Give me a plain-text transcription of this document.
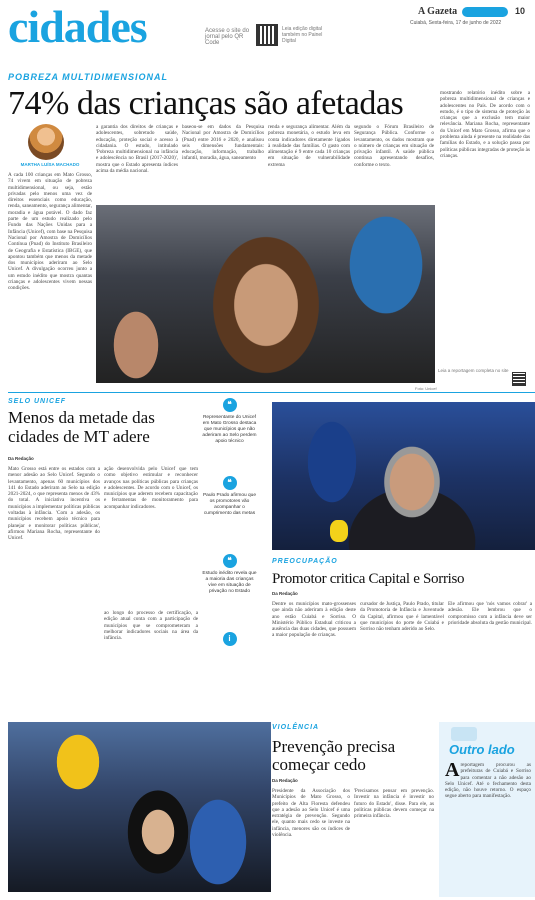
cidades	Acesse o site do jornal pelo QR Code
Leia edição digital também no Painel Digital
A Gazeta	10
Cuiabá, Sexta-feira, 17 de junho de 2022
POBREZA MULTIDIMENSIONAL
74% das crianças são afetadas
MARTHA LUÍSA MACHADO
A cada 100 crianças em Mato Grosso, 74 vivem em situação de pobreza multidimensional, ou seja, estão privadas pelo menos uma vez de direitos essenciais como educação, renda, saneamento, segurança alimentar, moradia e água potável. O dado faz parte de um estudo realizado pelo Fundo das Nações Unidas para a Infância (Unicef), com base na Pesquisa Nacional por Amostra de Domicílios Contínua (Pnad) do Instituto Brasileiro de Geografia e Estatística (IBGE), que apontou também que menos da metade dos municípios aderiram ao Selo Unicef. A divulgação ocorreu junto a um estudo inédito que mostra quantas crianças e adolescentes vivem nessas condições.
a garantia dos direitos de crianças e adolescentes, sobretudo saúde, educação, proteção social e acesso à cidadania. O estudo, intitulado 'Pobreza multidimensional na infância e adolescência no Brasil (2017-2020)', mostra que o Estado apresenta índices acima da média nacional.
baseou-se em dados da Pesquisa Nacional por Amostra de Domicílios (Pnad) entre 2016 e 2020, e analisou seis dimensões fundamentais: educação, informação, trabalho infantil, moradia, água, saneamento
renda e segurança alimentar. Além da pobreza monetária, o estudo leva em conta indicadores diretamente ligados à realidade das famílias. O gasto com alimentação é 9 entre cada 10 crianças em situação de vulnerabilidade extrema
segundo o Fórum Brasileiro de Segurança Pública. Conforme o levantamento, os dados mostram que o número de crianças em situação de privação infantil. A saúde pública continua apresentando desafios, conforme o texto.
mostrando relatório inédito sobre a pobreza multidimensional de crianças e adolescentes no País. De acordo com o estudo, é o tipo de sistema de proteção às crianças que a exclusão tem maior relevância. Mariana Rocha, representante do Unicef em Mato Grosso, afirma que o problema ainda é presente na realidade das famílias do Estado, e a solução passa por políticas públicas integradas de proteção às crianças.
Foto: Unicef
Leia a reportagem completa no site
SELO UNICEF
Menos da metade das cidades de MT adere
Da Redação
Mato Grosso está entre os estados com a menor adesão ao Selo Unicef. Segundo o levantamento, apenas 60 municípios dos 141 do Estado aderiram ao Selo na edição 2021-2024, o que representa menos de 43% do total. A iniciativa incentiva os municípios a implementar políticas públicas voltadas à infância. 'Com a adesão, os municípios recebem apoio técnico para planejar e monitorar políticas públicas', afirmou Mariana Rocha, representante do Unicef.
ação desenvolvida pelo Unicef que tem como objetivo estimular e reconhecer avanços nas políticas públicas para crianças e adolescentes. De acordo com o Unicef, os municípios que aderem recebem capacitação e ferramentas de monitoramento para acompanhar indicadores.
ao longo do processo de certificação, a edição atual conta com a participação de municípios que se comprometeram a melhorar indicadores sociais na área da infância.
❝
Representante do Unicef em Mato Grosso destaca que municípios que não aderiram ao Selo perdem apoio técnico
❝
Paulo Prado afirmou que os promotores vão acompanhar o cumprimento das metas
❝
Estudo inédito revela que a maioria das crianças vive em situação de privação no Estado
i
PREOCUPAÇÃO
Promotor critica Capital e Sorriso
Da Redação
Dentre os municípios mato-grossenses que ainda não aderiram à edição deste ano estão Cuiabá e Sorriso. O Ministério Público Estadual criticou a ausência das duas cidades, que possuem a maior população de crianças.
cursador de Justiça, Paulo Prado, titular da Promotoria de Infância e Juventude da Capital, afirmou que é lamentável que municípios do porte de Cuiabá e Sorriso não tenham aderido ao Selo.
Ele afirmou que 'nós vamos cobrar' a adesão. Ele lembrou que o compromisso com a infância deve ser prioridade absoluta da gestão municipal.
VIOLÊNCIA
Prevenção precisa começar cedo
Da Redação
Presidente da Associação dos Municípios de Mato Grosso, o prefeito de Alta Floresta defendeu que a adesão ao Selo Unicef é uma estratégia de prevenção. Segundo ele, quanto mais cedo se investe na infância, menores são os índices de violência.
'Precisamos pensar em prevenção. Investir na infância é investir no futuro do Estado', disse. Para ele, as políticas públicas devem começar na primeira infância.
Outro lado
A reportagem procurou as prefeituras de Cuiabá e Sorriso para comentar a não adesão ao Selo Unicef. Até o fechamento desta edição, não houve retorno. O espaço segue aberto para manifestação.
